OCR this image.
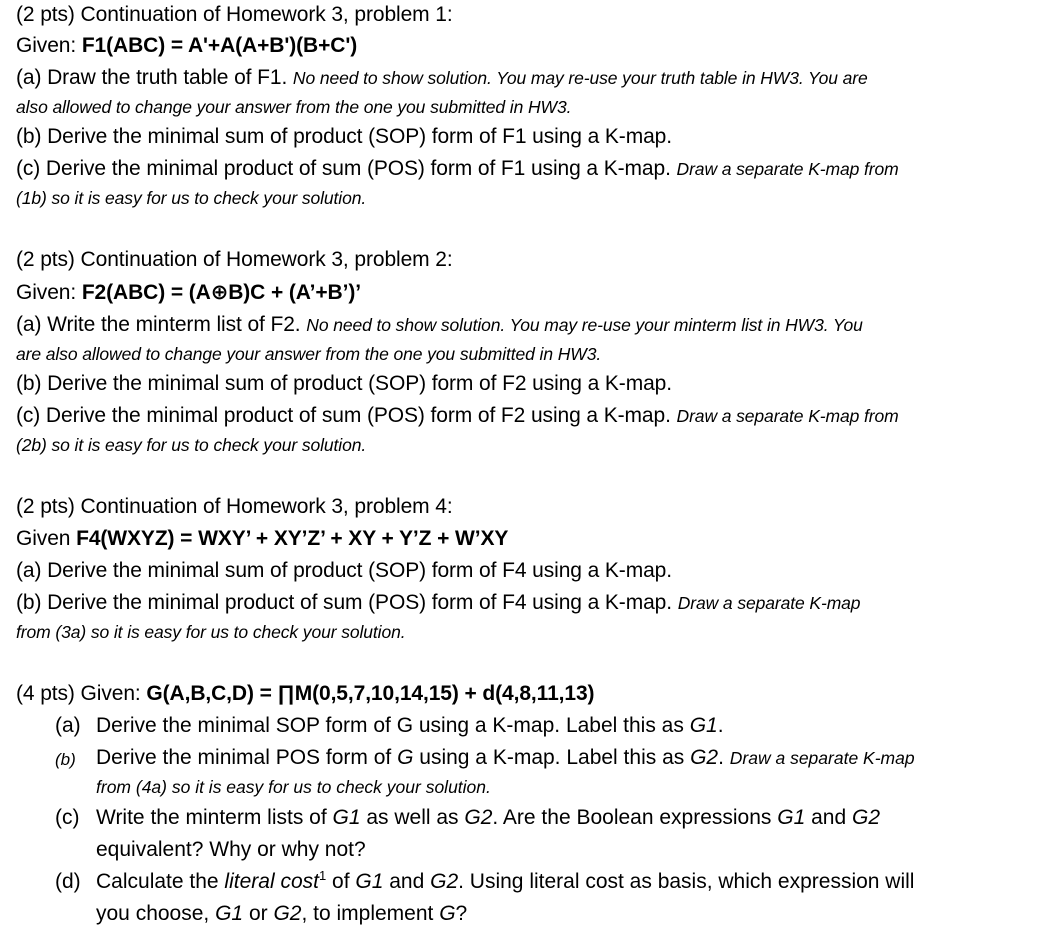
(2 pts) Continuation of Homework 3, problem 1:
Given: F1(ABC) = A'+A(A+B')(B+C')
(a) Draw the truth table of F1. No need to show solution. You may re-use your truth table in HW3. You are
also allowed to change your answer from the one you submitted in HW3.
(b) Derive the minimal sum of product (SOP) form of F1 using a K-map.
(c) Derive the minimal product of sum (POS) form of F1 using a K-map. Draw a separate K-map from
(1b) so it is easy for us to check your solution.
(2 pts) Continuation of Homework 3, problem 2:
Given: F2(ABC) = (A⊕B)C + (A’+B’)’
(a) Write the minterm list of F2. No need to show solution. You may re-use your minterm list in HW3. You
are also allowed to change your answer from the one you submitted in HW3.
(b) Derive the minimal sum of product (SOP) form of F2 using a K-map.
(c) Derive the minimal product of sum (POS) form of F2 using a K-map. Draw a separate K-map from
(2b) so it is easy for us to check your solution.
(2 pts) Continuation of Homework 3, problem 4:
Given F4(WXYZ) = WXY’ + XY’Z’ + XY + Y’Z + W’XY
(a) Derive the minimal sum of product (SOP) form of F4 using a K-map.
(b) Derive the minimal product of sum (POS) form of F4 using a K-map. Draw a separate K-map
from (3a) so it is easy for us to check your solution.
(4 pts) Given: G(A,B,C,D) = ∏M(0,5,7,10,14,15) + d(4,8,11,13)
(a) Derive the minimal SOP form of G using a K-map. Label this as G1.
(b) Derive the minimal POS form of G using a K-map. Label this as G2. Draw a separate K-map
from (4a) so it is easy for us to check your solution.
(c) Write the minterm lists of G1 as well as G2. Are the Boolean expressions G1 and G2
equivalent? Why or why not?
(d) Calculate the literal cost$^1$ of G1 and G2. Using literal cost as basis, which expression will
you choose, G1 or G2, to implement G?
